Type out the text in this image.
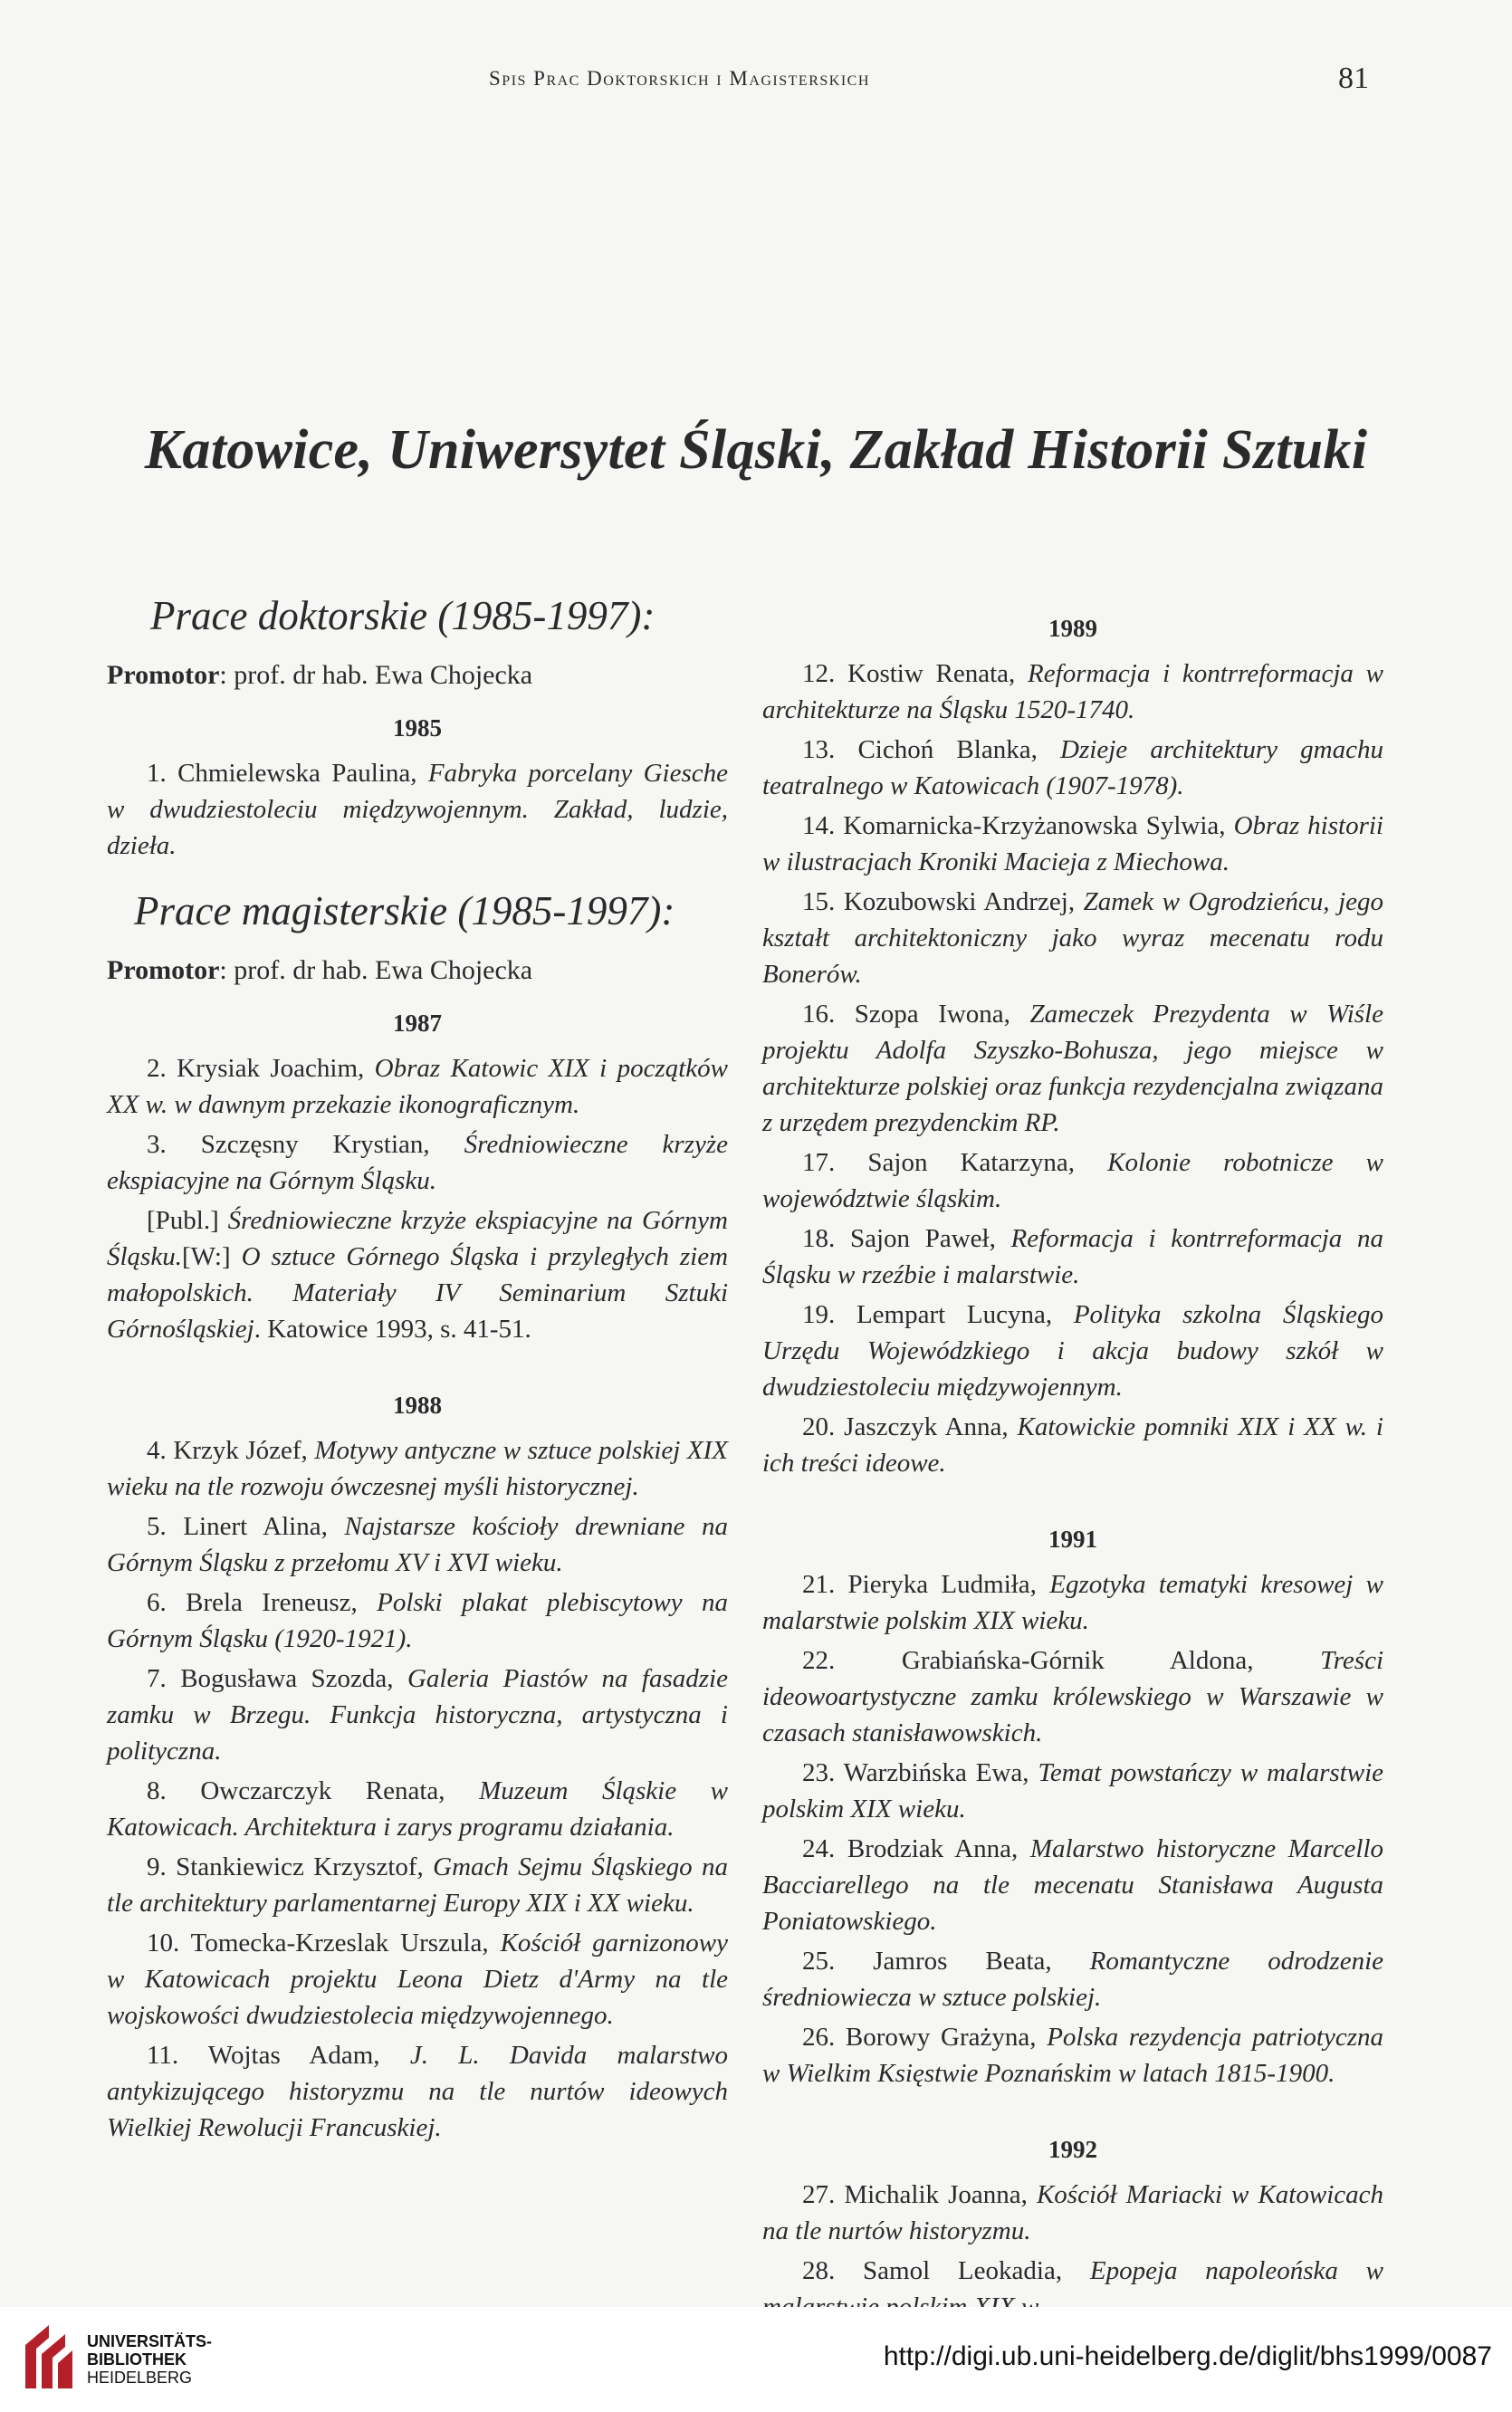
Spis Prac Doktorskich i Magisterskich	81
Katowice, Uniwersytet Śląski, Zakład Historii Sztuki
Prace doktorskie (1985-1997):
Promotor: prof. dr hab. Ewa Chojecka
1985

1. Chmielewska Paulina, Fabryka porcelany Giesche w dwudziestoleciu międzywojennym. Zakład, ludzie, dzieła.

Prace magisterskie (1985-1997):
Promotor: prof. dr hab. Ewa Chojecka
1987

2. Krysiak Joachim, Obraz Katowic XIX i początków XX w. w dawnym przekazie ikonograficznym.

3. Szczęsny Krystian, Średniowieczne krzyże ekspiacyjne na Górnym Śląsku.

[Publ.] Średniowieczne krzyże ekspiacyjne na Górnym Śląsku.[W:] O sztuce Górnego Śląska i przyległych ziem małopolskich. Materiały IV Seminarium Sztuki Górnośląskiej. Katowice 1993, s. 41-51.

1988

4. Krzyk Józef, Motywy antyczne w sztuce polskiej XIX wieku na tle rozwoju ówczesnej myśli historycznej.

5. Linert Alina, Najstarsze kościoły drewniane na Górnym Śląsku z przełomu XV i XVI wieku.

6. Brela Ireneusz, Polski plakat plebiscytowy na Górnym Śląsku (1920-1921).

7. Bogusława Szozda, Galeria Piastów na fasadzie zamku w Brzegu. Funkcja historyczna, artystyczna i polityczna.

8. Owczarczyk Renata, Muzeum Śląskie w Katowicach. Architektura i zarys programu działania.

9. Stankiewicz Krzysztof, Gmach Sejmu Śląskiego na tle architektury parlamentarnej Europy XIX i XX wieku.

10. Tomecka-Krzeslak Urszula, Kościół garnizonowy w Katowicach projektu Leona Dietz d'Army na tle wojskowości dwudziestolecia międzywojennego.

11. Wojtas Adam, J. L. Davida malarstwo antykizującego historyzmu na tle nurtów ideowych Wielkiej Rewolucji Francuskiej.

1989

12. Kostiw Renata, Reformacja i kontrreformacja w architekturze na Śląsku 1520-1740.

13. Cichoń Blanka, Dzieje architektury gmachu teatralnego w Katowicach (1907-1978).

14. Komarnicka-Krzyżanowska Sylwia, Obraz historii w ilustracjach Kroniki Macieja z Miechowa.

15. Kozubowski Andrzej, Zamek w Ogrodzieńcu, jego kształt architektoniczny jako wyraz mecenatu rodu Bonerów.

16. Szopa Iwona, Zameczek Prezydenta w Wiśle projektu Adolfa Szyszko-Bohusza, jego miejsce w architekturze polskiej oraz funkcja rezydencjalna związana z urzędem prezydenckim RP.

17. Sajon Katarzyna, Kolonie robotnicze w województwie śląskim.

18. Sajon Paweł, Reformacja i kontrreformacja na Śląsku w rzeźbie i malarstwie.

19. Lempart Lucyna, Polityka szkolna Śląskiego Urzędu Wojewódzkiego i akcja budowy szkół w dwudziestoleciu międzywojennym.

20. Jaszczyk Anna, Katowickie pomniki XIX i XX w. i ich treści ideowe.

1991

21. Pieryka Ludmiła, Egzotyka tematyki kresowej w malarstwie polskim XIX wieku.

22. Grabiańska-Górnik Aldona, Treści ideowoartystyczne zamku królewskiego w Warszawie w czasach stanisławowskich.

23. Warzbińska Ewa, Temat powstańczy w malarstwie polskim XIX wieku.

24. Brodziak Anna, Malarstwo historyczne Marcello Bacciarellego na tle mecenatu Stanisława Augusta Poniatowskiego.

25. Jamros Beata, Romantyczne odrodzenie średniowiecza w sztuce polskiej.

26. Borowy Grażyna, Polska rezydencja patriotyczna w Wielkim Księstwie Poznańskim w latach 1815-1900.

1992

27. Michalik Joanna, Kościół Mariacki w Katowicach na tle nurtów historyzmu.

28. Samol Leokadia, Epopeja napoleońska w

UNIVERSITÄTS-
BIBLIOTHEK
HEIDELBERG
http://digi.ub.uni-heidelberg.de/diglit/bhs1999/0087
